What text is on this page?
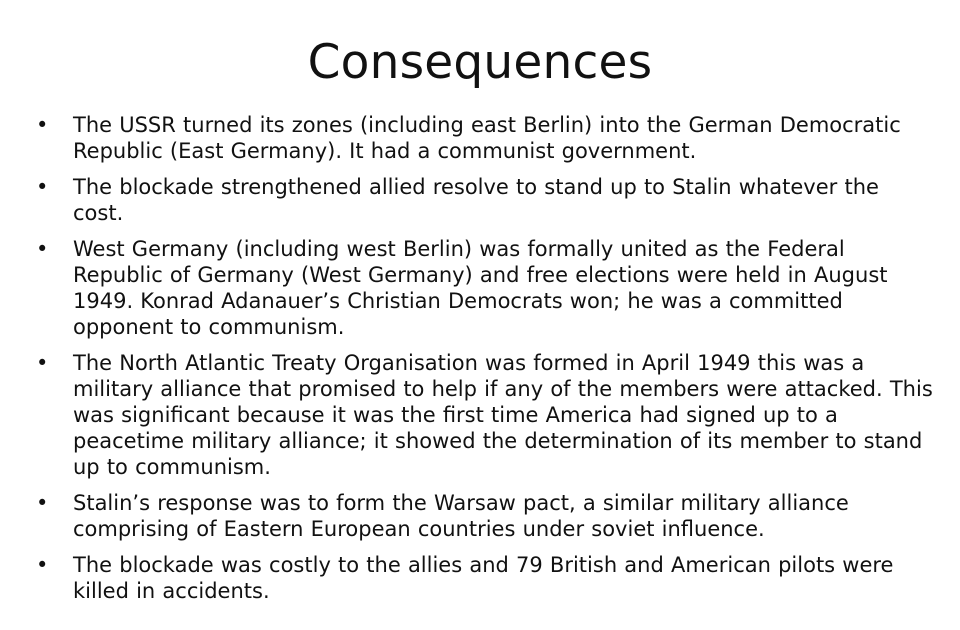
Consequences
•	The USSR turned its zones (including east Berlin) into the German Democratic Republic (East Germany). It had a communist government.
•	The blockade strengthened allied resolve to stand up to Stalin whatever the cost.
•	West Germany (including west Berlin) was formally united as the Federal Republic of Germany (West Germany) and free elections were held in August 1949. Konrad Adanauer’s Christian Democrats won; he was a committed opponent to communism.
•	The North Atlantic Treaty Organisation was formed in April 1949 this was a military alliance that promised to help if any of the members were attacked. This was significant because it was the first time America had signed up to a peacetime military alliance; it showed the determination of its member to stand up to communism.
•	Stalin’s response was to form the Warsaw pact, a similar military alliance comprising of Eastern European countries under soviet influence.
•	The blockade was costly to the allies and 79 British and American pilots were killed in accidents.
